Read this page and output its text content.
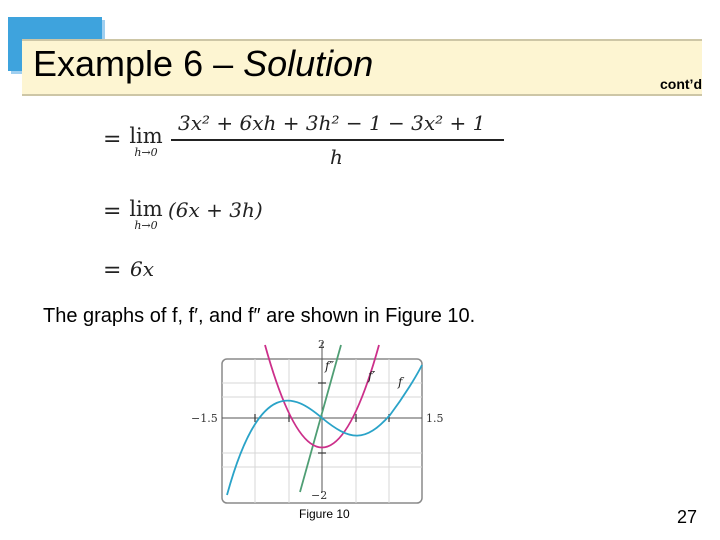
Example 6 – Solution	cont’d
= lim
h→0
3x² + 6xh + 3h² − 1 − 3x² + 1
h
= lim
h→0
(6x + 3h)
= 6x
The graphs of f, f′, and f″ are shown in Figure 10.
−1.5	1.5
2
−2
f″
f′ f
Figure 10	27
